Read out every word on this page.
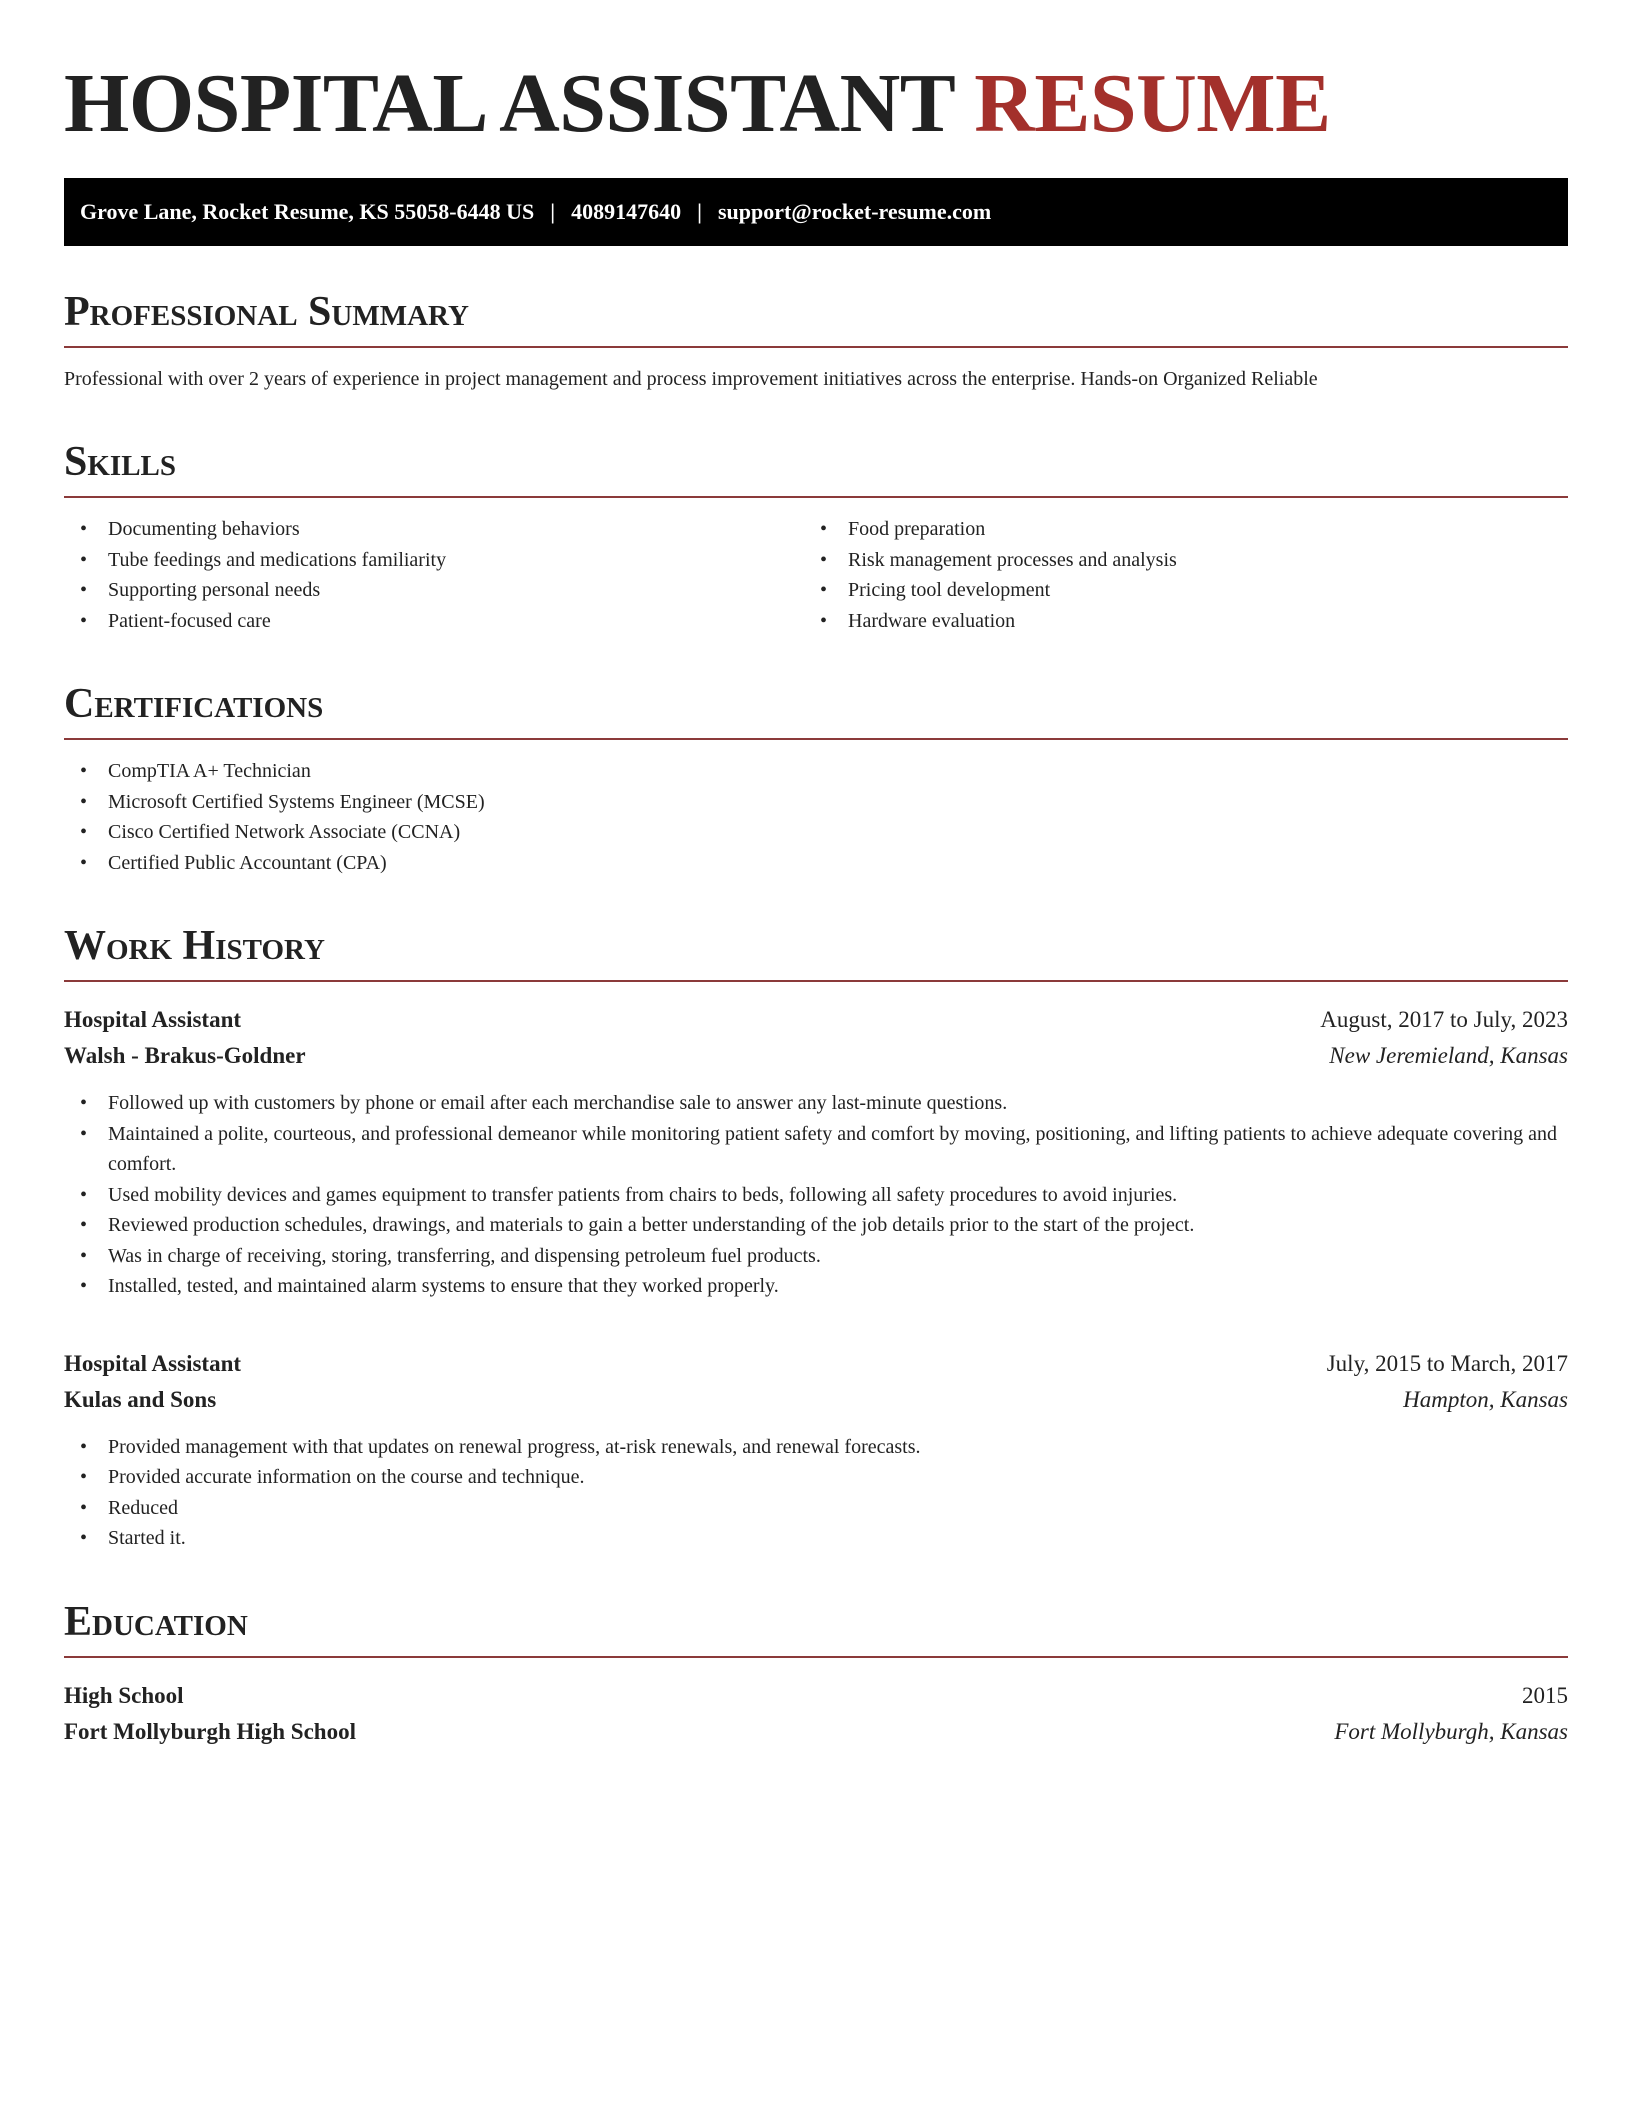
HOSPITAL ASSISTANT RESUME
Grove Lane, Rocket Resume, KS 55058-6448 US | 4089147640 | support@rocket-resume.com
Professional Summary

Professional with over 2 years of experience in project management and process improvement initiatives across the enterprise. Hands-on Organized Reliable

Skills
• Documenting behaviors
• Tube feedings and medications familiarity
• Supporting personal needs
• Patient-focused care
• Food preparation
• Risk management processes and analysis
• Pricing tool development
• Hardware evaluation
Certifications
• CompTIA A+ Technician
• Microsoft Certified Systems Engineer (MCSE)
• Cisco Certified Network Associate (CCNA)
• Certified Public Accountant (CPA)
Work History
Hospital Assistant	August, 2017 to July, 2023
Walsh - Brakus-Goldner	New Jeremieland, Kansas
• Followed up with customers by phone or email after each merchandise sale to answer any last-minute questions.
• Maintained a polite, courteous, and professional demeanor while monitoring patient safety and comfort by moving, positioning, and lifting patients to achieve adequate covering and comfort.
• Used mobility devices and games equipment to transfer patients from chairs to beds, following all safety procedures to avoid injuries.
• Reviewed production schedules, drawings, and materials to gain a better understanding of the job details prior to the start of the project.
• Was in charge of receiving, storing, transferring, and dispensing petroleum fuel products.
• Installed, tested, and maintained alarm systems to ensure that they worked properly.
Hospital Assistant	July, 2015 to March, 2017
Kulas and Sons	Hampton, Kansas
• Provided management with that updates on renewal progress, at-risk renewals, and renewal forecasts.
• Provided accurate information on the course and technique.
• Reduced
• Started it.
Education
High School	2015
Fort Mollyburgh High School	Fort Mollyburgh, Kansas
